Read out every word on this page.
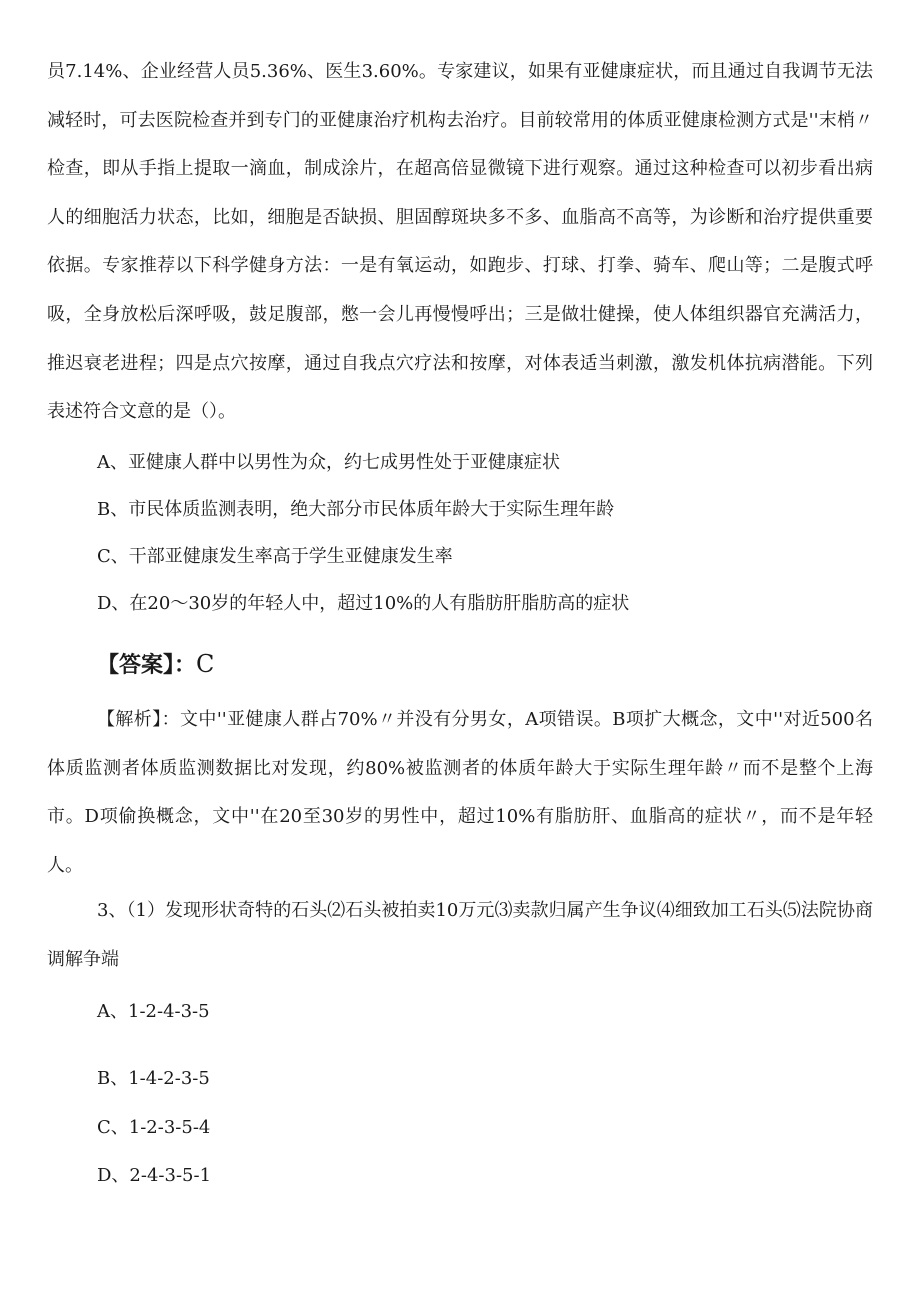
员7.14%、企业经营人员5.36%、医生3.60%。专家建议，如果有亚健康症状，而且通过自我调节无法减轻时，可去医院检查并到专门的亚健康治疗机构去治疗。目前较常用的体质亚健康检测方式是''末梢〃检查，即从手指上提取一滴血，制成涂片，在超高倍显微镜下进行观察。通过这种检查可以初步看出病人的细胞活力状态，比如，细胞是否缺损、胆固醇斑块多不多、血脂高不高等，为诊断和治疗提供重要依据。专家推荐以下科学健身方法：一是有氧运动，如跑步、打球、打拳、骑车、爬山等；二是腹式呼吸，全身放松后深呼吸，鼓足腹部，憋一会儿再慢慢呼出；三是做壮健操，使人体组织器官充满活力，推迟衰老进程；四是点穴按摩，通过自我点穴疗法和按摩，对体表适当刺激，激发机体抗病潜能。下列表述符合文意的是（）。

A、亚健康人群中以男性为众，约七成男性处于亚健康症状

B、市民体质监测表明，绝大部分市民体质年龄大于实际生理年龄

C、干部亚健康发生率高于学生亚健康发生率

D、在20～30岁的年轻人中，超过10%的人有脂肪肝脂肪高的症状

【答案】：C

【解析】：文中''亚健康人群占70%〃并没有分男女，A项错误。B项扩大概念，文中''对近500名体质监测者体质监测数据比对发现，约80%被监测者的体质年龄大于实际生理年龄〃而不是整个上海市。D项偷换概念，文中''在20至30岁的男性中，超过10%有脂肪肝、血脂高的症状〃，而不是年轻人。

3、（1）发现形状奇特的石头⑵石头被拍卖10万元⑶卖款归属产生争议⑷细致加工石头⑸法院协商调解争端

A、1-2-4-3-5

B、1-4-2-3-5

C、1-2-3-5-4

D、2-4-3-5-1
